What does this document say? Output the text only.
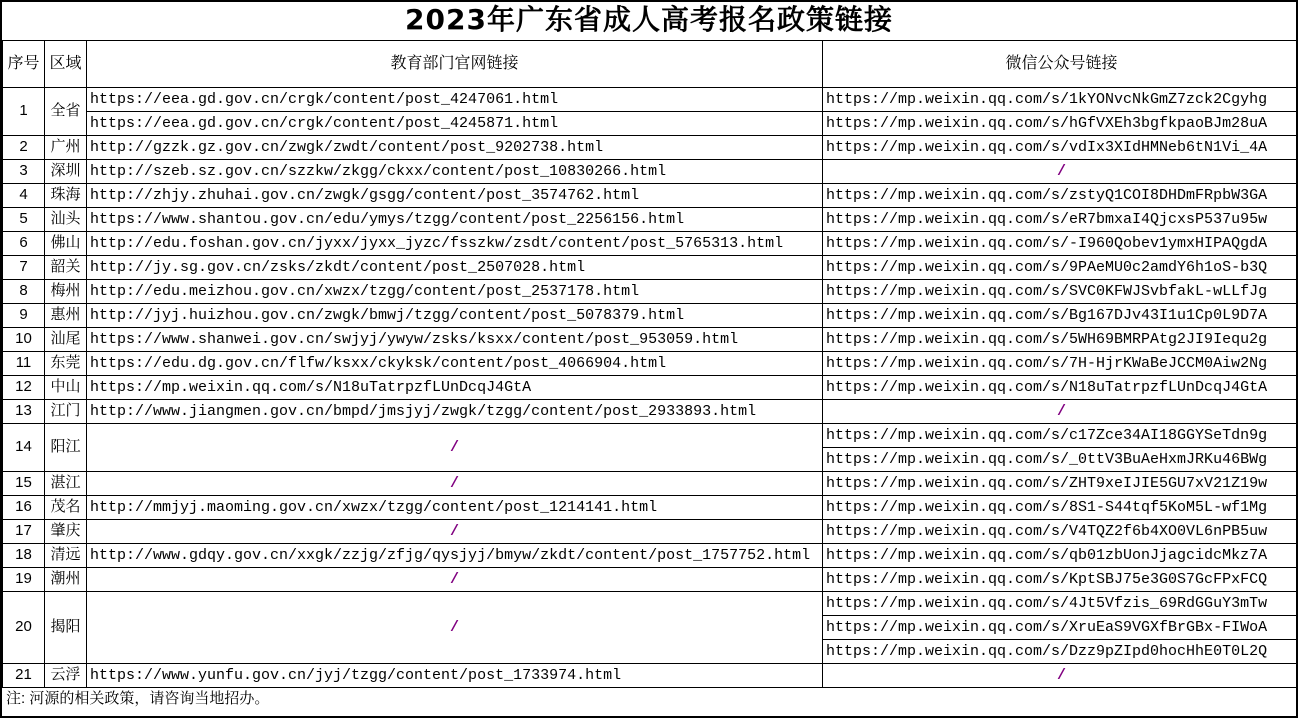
2023年广东省成人高考报名政策链接
序号	区域	教育部门官网链接	微信公众号链接
1	全省	https://eea.gd.gov.cn/crgk/content/post_4247061.html	https://mp.weixin.qq.com/s/1kYONvcNkGmZ7zck2Cgyhg
		https://eea.gd.gov.cn/crgk/content/post_4245871.html	https://mp.weixin.qq.com/s/hGfVXEh3bgfkpaoBJm28uA
2	广州	http://gzzk.gz.gov.cn/zwgk/zwdt/content/post_9202738.html	https://mp.weixin.qq.com/s/vdIx3XIdHMNeb6tN1Vi_4A
3	深圳	http://szeb.sz.gov.cn/szzkw/zkgg/ckxx/content/post_10830266.html	/
4	珠海	http://zhjy.zhuhai.gov.cn/zwgk/gsgg/content/post_3574762.html	https://mp.weixin.qq.com/s/zstyQ1COI8DHDmFRpbW3GA
5	汕头	https://www.shantou.gov.cn/edu/ymys/tzgg/content/post_2256156.html	https://mp.weixin.qq.com/s/eR7bmxaI4QjcxsP537u95w
6	佛山	http://edu.foshan.gov.cn/jyxx/jyxx_jyzc/fsszkw/zsdt/content/post_5765313.html	https://mp.weixin.qq.com/s/-I960Qobev1ymxHIPAQgdA
7	韶关	http://jy.sg.gov.cn/zsks/zkdt/content/post_2507028.html	https://mp.weixin.qq.com/s/9PAeMU0c2amdY6h1oS-b3Q
8	梅州	http://edu.meizhou.gov.cn/xwzx/tzgg/content/post_2537178.html	https://mp.weixin.qq.com/s/SVC0KFWJSvbfakL-wLLfJg
9	惠州	http://jyj.huizhou.gov.cn/zwgk/bmwj/tzgg/content/post_5078379.html	https://mp.weixin.qq.com/s/Bg167DJv43I1u1Cp0L9D7A
10	汕尾	https://www.shanwei.gov.cn/swjyj/ywyw/zsks/ksxx/content/post_953059.html	https://mp.weixin.qq.com/s/5WH69BMRPAtg2JI9Iequ2g
11	东莞	https://edu.dg.gov.cn/flfw/ksxx/ckyksk/content/post_4066904.html	https://mp.weixin.qq.com/s/7H-HjrKWaBeJCCM0Aiw2Ng
12	中山	https://mp.weixin.qq.com/s/N18uTatrpzfLUnDcqJ4GtA	https://mp.weixin.qq.com/s/N18uTatrpzfLUnDcqJ4GtA
13	江门	http://www.jiangmen.gov.cn/bmpd/jmsjyj/zwgk/tzgg/content/post_2933893.html	/
14	阳江	/	https://mp.weixin.qq.com/s/c17Zce34AI18GGYSeTdn9g
			https://mp.weixin.qq.com/s/_0ttV3BuAeHxmJRKu46BWg
15	湛江	/	https://mp.weixin.qq.com/s/ZHT9xeIJIE5GU7xV21Z19w
16	茂名	http://mmjyj.maoming.gov.cn/xwzx/tzgg/content/post_1214141.html	https://mp.weixin.qq.com/s/8S1-S44tqf5KoM5L-wf1Mg
17	肇庆	/	https://mp.weixin.qq.com/s/V4TQZ2f6b4XO0VL6nPB5uw
18	清远	http://www.gdqy.gov.cn/xxgk/zzjg/zfjg/qysjyj/bmyw/zkdt/content/post_1757752.html	https://mp.weixin.qq.com/s/qb01zbUonJjagcidcMkz7A
19	潮州	/	https://mp.weixin.qq.com/s/KptSBJ75e3G0S7GcFPxFCQ
20	揭阳	/	https://mp.weixin.qq.com/s/4Jt5Vfzis_69RdGGuY3mTw
			https://mp.weixin.qq.com/s/XruEaS9VGXfBrGBx-FIWoA
			https://mp.weixin.qq.com/s/Dzz9pZIpd0hocHhE0T0L2Q
21	云浮	https://www.yunfu.gov.cn/jyj/tzgg/content/post_1733974.html	/
注: 河源的相关政策，请咨询当地招办。
